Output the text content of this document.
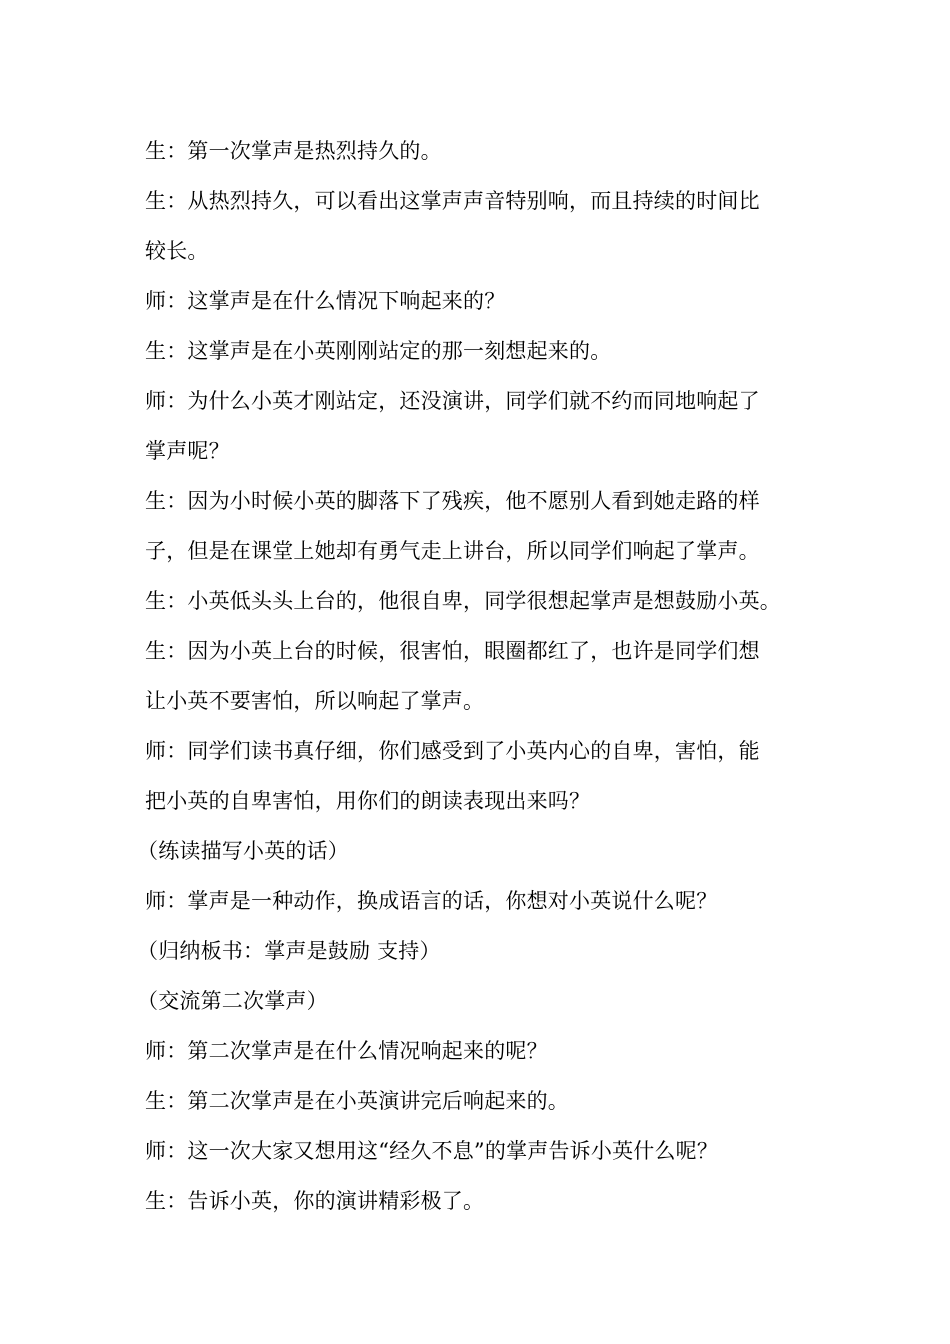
生：第一次掌声是热烈持久的。
生：从热烈持久，可以看出这掌声声音特别响，而且持续的时间比
较长。
师：这掌声是在什么情况下响起来的？
生：这掌声是在小英刚刚站定的那一刻想起来的。
师：为什么小英才刚站定，还没演讲，同学们就不约而同地响起了
掌声呢？
生：因为小时候小英的脚落下了残疾，他不愿别人看到她走路的样
子，但是在课堂上她却有勇气走上讲台，所以同学们响起了掌声。
生：小英低头头上台的，他很自卑，同学很想起掌声是想鼓励小英。
生：因为小英上台的时候，很害怕，眼圈都红了，也许是同学们想
让小英不要害怕，所以响起了掌声。
师：同学们读书真仔细，你们感受到了小英内心的自卑，害怕，能
把小英的自卑害怕，用你们的朗读表现出来吗？
（练读描写小英的话）
师：掌声是一种动作，换成语言的话，你想对小英说什么呢？
（归纳板书：掌声是鼓励 支持）
（交流第二次掌声）
师：第二次掌声是在什么情况响起来的呢？
生：第二次掌声是在小英演讲完后响起来的。
师：这一次大家又想用这“经久不息”的掌声告诉小英什么呢？
生：告诉小英，你的演讲精彩极了。
